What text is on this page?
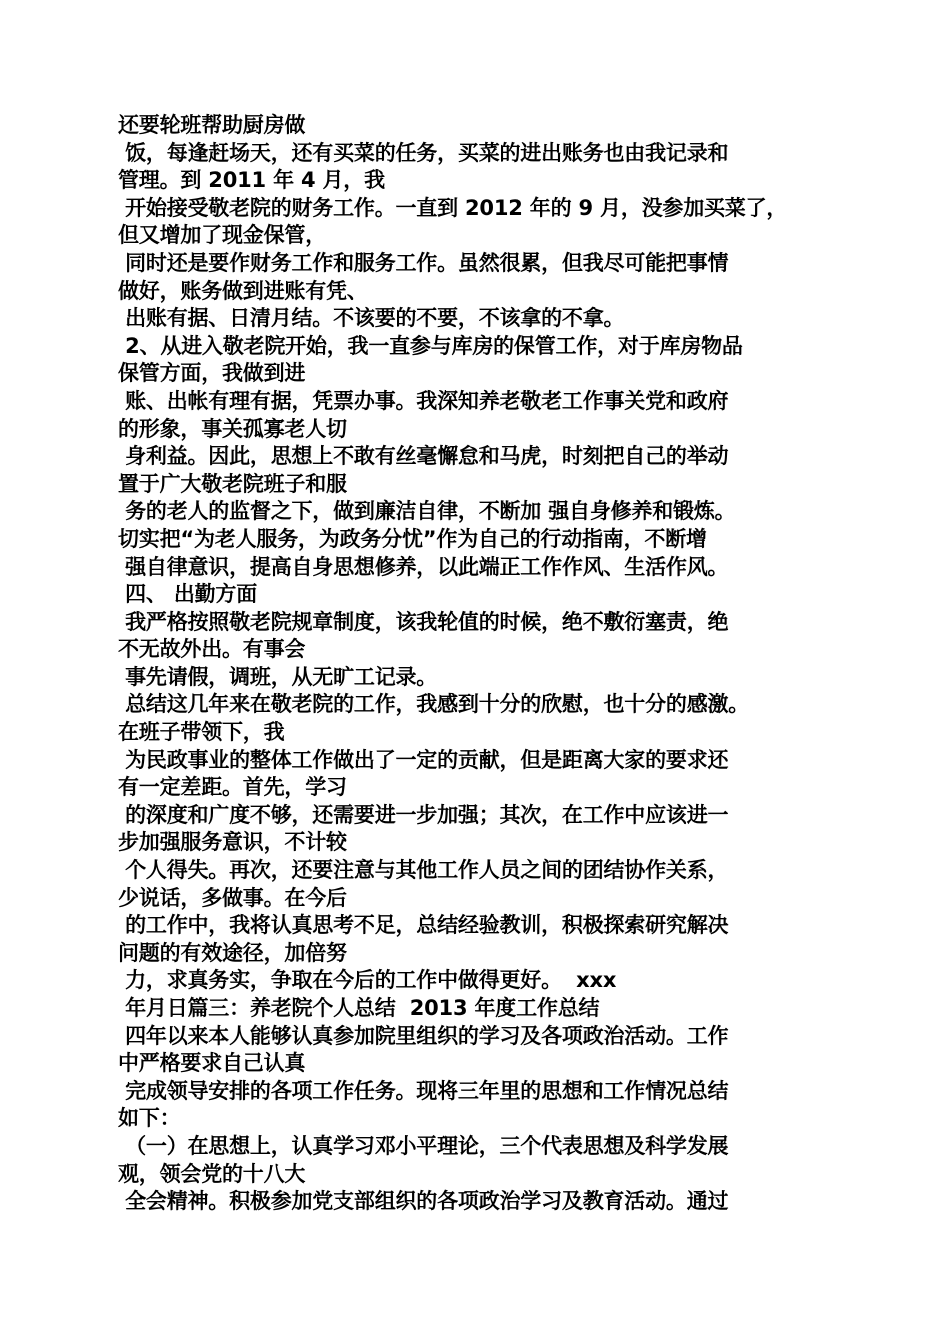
还要轮班帮助厨房做
饭，每逢赶场天，还有买菜的任务，买菜的进出账务也由我记录和
管理。到 2011 年 4 月，我
开始接受敬老院的财务工作。一直到 2012 年的 9 月，没参加买菜了，
但又增加了现金保管，
同时还是要作财务工作和服务工作。虽然很累，但我尽可能把事情
做好，账务做到进账有凭、
出账有据、日清月结。不该要的不要，不该拿的不拿。
2、从进入敬老院开始，我一直参与库房的保管工作，对于库房物品
保管方面，我做到进
账、出帐有理有据，凭票办事。我深知养老敬老工作事关党和政府
的形象，事关孤寡老人切
身利益。因此，思想上不敢有丝毫懈怠和马虎，时刻把自己的举动
置于广大敬老院班子和服
务的老人的监督之下，做到廉洁自律，不断加 强自身修养和锻炼。
切实把“为老人服务，为政务分忧”作为自己的行动指南，不断增
强自律意识，提高自身思想修养，以此端正工作作风、生活作风。
四、 出勤方面
我严格按照敬老院规章制度，该我轮值的时候，绝不敷衍塞责，绝
不无故外出。有事会
事先请假，调班，从无旷工记录。
总结这几年来在敬老院的工作，我感到十分的欣慰，也十分的感激。
在班子带领下，我
为民政事业的整体工作做出了一定的贡献，但是距离大家的要求还
有一定差距。首先，学习
的深度和广度不够，还需要进一步加强；其次，在工作中应该进一
步加强服务意识，不计较
个人得失。再次，还要注意与其他工作人员之间的团结协作关系，
少说话，多做事。在今后
的工作中，我将认真思考不足，总结经验教训，积极探索研究解决
问题的有效途径，加倍努
力，求真务实，争取在今后的工作中做得更好。  xxx
年月日篇三：养老院个人总结  2013 年度工作总结
四年以来本人能够认真参加院里组织的学习及各项政治活动。工作
中严格要求自己认真
完成领导安排的各项工作任务。现将三年里的思想和工作情况总结
如下：
（一）在思想上，认真学习邓小平理论，三个代表思想及科学发展
观，领会党的十八大
全会精神。积极参加党支部组织的各项政治学习及教育活动。通过
